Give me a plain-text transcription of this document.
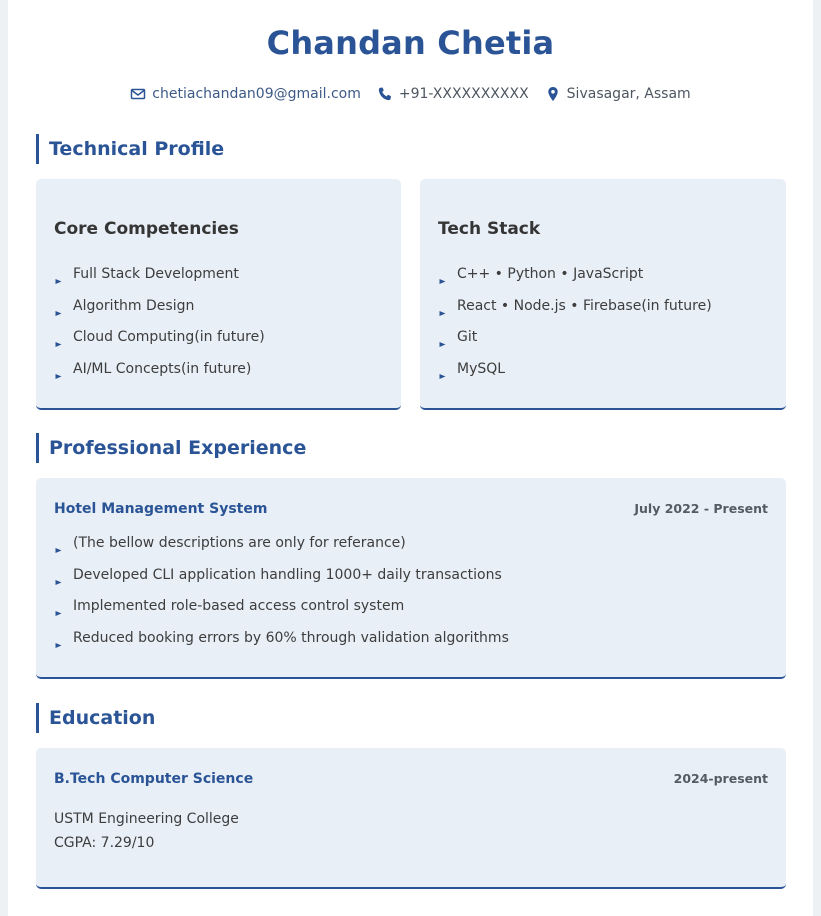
Chandan Chetia
chetiachandan09@gmail.com	+91-XXXXXXXXXX	Sivasagar, Assam
Technical Profile
Core Competencies
Full Stack Development
Algorithm Design
Cloud Computing(in future)
AI/ML Concepts(in future)
Tech Stack
C++ • Python • JavaScript
React • Node.js • Firebase(in future)
Git
MySQL
Professional Experience
Hotel Management System	July 2022 - Present
(The bellow descriptions are only for referance)
Developed CLI application handling 1000+ daily transactions
Implemented role-based access control system
Reduced booking errors by 60% through validation algorithms
Education
B.Tech Computer Science	2024-present
USTM Engineering College
CGPA: 7.29/10
